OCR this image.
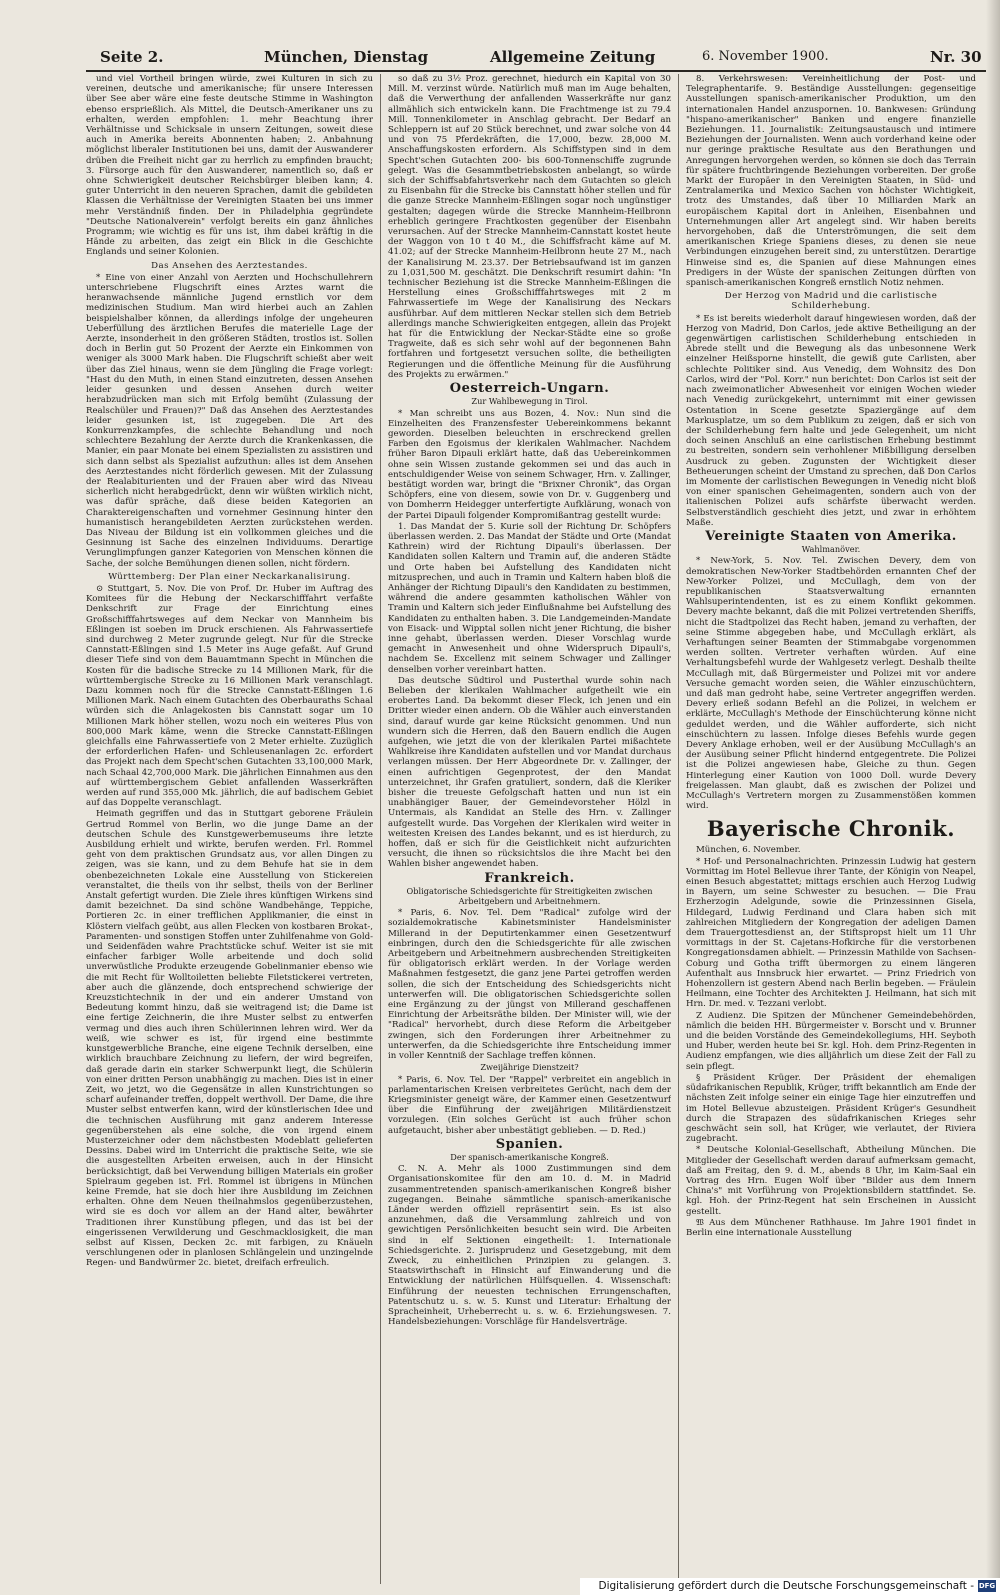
Seite 2.	München, Dienstag	Allgemeine Zeitung	6. November 1900.	Nr. 30

und viel Vortheil bringen würde, zwei Kulturen in sich zu vereinen, deutsche und amerikanische; für unsere Interessen über See aber wäre eine feste deutsche Stimme in Washington ebenso ersprießlich. Als Mittel, die Deutsch-Amerikaner uns zu erhalten, werden empfohlen: 1. mehr Beachtung ihrer Verhältnisse und Schicksale in unsern Zeitungen, soweit diese auch in Amerika bereits Abonnenten haben; 2. Anbahnung möglichst liberaler Institutionen bei uns, damit der Auswanderer drüben die Freiheit nicht gar zu herrlich zu empfinden braucht; 3. Fürsorge auch für den Auswanderer, namentlich so, daß er ohne Schwierigkeit deutscher Reichsbürger bleiben kann; 4. guter Unterricht in den neueren Sprachen, damit die gebildeten Klassen die Verhältnisse der Vereinigten Staaten bei uns immer mehr Verständniß finden. Der in Philadelphia gegründete "Deutsche Nationalverein" verfolgt bereits ein ganz ähnliches Programm; wie wichtig es für uns ist, ihm dabei kräftig in die Hände zu arbeiten, das zeigt ein Blick in die Geschichte Englands und seiner Kolonien.

Das Ansehen des Aerztestandes.

* Eine von einer Anzahl von Aerzten und Hochschullehrern unterschriebene Flugschrift eines Arztes warnt die heranwachsende männliche Jugend ernstlich vor dem medizinischen Studium. Man wird hierbei auch an Zahlen beispielshalber können, da allerdings infolge der ungeheuren Ueberfüllung des ärztlichen Berufes die materielle Lage der Aerzte, insonderheit in den größeren Städten, trostlos ist. Sollen doch in Berlin gut 50 Prozent der Aerzte ein Einkommen von weniger als 3000 Mark haben. Die Flugschrift schießt aber weit über das Ziel hinaus, wenn sie dem Jüngling die Frage vorlegt: "Hast du den Muth, in einen Stand einzutreten, dessen Ansehen leider gesunken und dessen Ansehen durch weiter herabzudrücken man sich mit Erfolg bemüht (Zulassung der Realschüler und Frauen)?" Daß das Ansehen des Aerztestandes leider gesunken ist, ist zugegeben. Die Art des Konkurrenzkampfes, die schlechte Behandlung und noch schlechtere Bezahlung der Aerzte durch die Krankenkassen, die Manier, ein paar Monate bei einem Spezialisten zu assistiren und sich dann selbst als Spezialist aufzuthun: alles ist dem Ansehen des Aerztestandes nicht förderlich gewesen. Mit der Zulassung der Realabiturienten und der Frauen aber wird das Niveau sicherlich nicht herabgedrückt, denn wir wüßten wirklich nicht, was dafür spräche, daß diese beiden Kategorien an Charaktereigenschaften und vornehmer Gesinnung hinter den humanistisch herangebildeten Aerzten zurückstehen werden. Das Niveau der Bildung ist ein vollkommen gleiches und die Gesinnung ist Sache des einzelnen Individuums. Derartige Verunglimpfungen ganzer Kategorien von Menschen können die Sache, der solche Bemühungen dienen sollen, nicht fördern.

Württemberg: Der Plan einer Neckarkanalisirung.

⊙ Stuttgart, 5. Nov. Die von Prof. Dr. Huber im Auftrag des Komitees für die Hebung der Neckarschifffahrt verfaßte Denkschrift zur Frage der Einrichtung eines Großschifffahrtsweges auf dem Neckar von Mannheim bis Eßlingen ist soeben im Druck erschienen. Als Fahrwassertiefe sind durchweg 2 Meter zugrunde gelegt. Nur für die Strecke Cannstatt-Eßlingen sind 1.5 Meter ins Auge gefaßt. Auf Grund dieser Tiefe sind von dem Bauamtmann Specht in München die Kosten für die badische Strecke zu 14 Millionen Mark, für die württembergische Strecke zu 16 Millionen Mark veranschlagt. Dazu kommen noch für die Strecke Cannstatt-Eßlingen 1.6 Millionen Mark. Nach einem Gutachten des Oberbauraths Schaal würden sich die Anlagekosten bis Cannstatt sogar um 10 Millionen Mark höher stellen, wozu noch ein weiteres Plus von 800,000 Mark käme, wenn die Strecke Cannstatt-Eßlingen gleichfalls eine Fahrwassertiefe von 2 Meter erhielte. Zuzüglich der erforderlichen Hafen- und Schleusenanlagen 2c. erfordert das Projekt nach dem Specht'schen Gutachten 33,100,000 Mark, nach Schaal 42,700,000 Mark. Die jährlichen Einnahmen aus den auf württembergischem Gebiet anfallenden Wasserkräften werden auf rund 355,000 Mk. jährlich, die auf badischem Gebiet auf das Doppelte veranschlagt.

Heimath gegriffen und das in Stuttgart geborene Fräulein Gertrud Rommel von Berlin, wo die junge Dame an der deutschen Schule des Kunstgewerbemuseums ihre letzte Ausbildung erhielt und wirkte, berufen werden. Frl. Rommel geht von dem praktischen Grundsatz aus, vor allen Dingen zu zeigen, was sie kann, und zu dem Behufe hat sie in dem obenbezeichneten Lokale eine Ausstellung von Stickereien veranstaltet, die theils von ihr selbst, theils von der Berliner Anstalt gefertigt wurden. Die Ziele ihres künftigen Wirkens sind damit bezeichnet. Da sind schöne Wandbehänge, Teppiche, Portieren 2c. in einer trefflichen Applikmanier, die einst in Klöstern vielfach geübt, aus allen Flecken von kostbaren Brokat-, Paramenten- und sonstigen Stoffen unter Zuhilfenahme von Gold- und Seidenfäden wahre Prachtstücke schuf. Weiter ist sie mit einfacher farbiger Wolle arbeitende und doch solid unverwüstliche Produkte erzeugende Gobelinmanier ebenso wie die mit Recht für Wolltoiletten beliebte Filetstickerei vertreten, aber auch die glänzende, doch entsprechend schwierige der Kreuzstichtechnik in der und ein anderer Umstand von Bedeutung kommt hinzu, daß sie weitragend ist; die Dame ist eine fertige Zeichnerin, die ihre Muster selbst zu entwerfen vermag und dies auch ihren Schülerinnen lehren wird. Wer da weiß, wie schwer es ist, für irgend eine bestimmte kunstgewerbliche Branche, eine eigene Technik derselben, eine wirklich brauchbare Zeichnung zu liefern, der wird begreifen, daß gerade darin ein starker Schwerpunkt liegt, die Schülerin von einer dritten Person unabhängig zu machen. Dies ist in einer Zeit, wo jetzt, wo die Gegensätze in allen Kunstrichtungen so scharf aufeinander treffen, doppelt werthvoll. Der Dame, die ihre Muster selbst entwerfen kann, wird der künstlerischen Idee und die technischen Ausführung mit ganz anderem Interesse gegenüberstehen als eine solche, die von irgend einem Musterzeichner oder dem nächstbesten Modeblatt gelieferten Dessins. Dabei wird im Unterricht die praktische Seite, wie sie die ausgestellten Arbeiten erweisen, auch in der Hinsicht berücksichtigt, daß bei Verwendung billigen Materials ein großer Spielraum gegeben ist. Frl. Rommel ist übrigens in München keine Fremde, hat sie doch hier ihre Ausbildung im Zeichnen erhalten. Ohne dem Neuen theilnahmslos gegenüberzustehen, wird sie es doch vor allem an der Hand alter, bewährter Traditionen ihrer Kunstübung pflegen, und das ist bei der eingerissenen Verwilderung und Geschmacklosigkeit, die man selbst auf Kissen, Decken 2c. mit farbigen, zu Knäueln verschlungenen oder in planlosen Schlängelein und unzingelnde Regen- und Bandwürmer 2c. bietet, dreifach erfreulich.

so daß zu 3½ Proz. gerechnet, hiedurch ein Kapital von 30 Mill. M. verzinst würde. Natürlich muß man im Auge behalten, daß die Verwerthung der anfallenden Wasserkräfte nur ganz allmählich sich entwickeln kann. Die Frachtmenge ist zu 79.4 Mill. Tonnenkilometer in Anschlag gebracht. Der Bedarf an Schleppern ist auf 20 Stück berechnet, und zwar solche von 44 und von 75 Pferdekräften, die 17,000, bezw. 28,000 M. Anschaffungskosten erfordern. Als Schiffstypen sind in dem Specht'schen Gutachten 200- bis 600-Tonnenschiffe zugrunde gelegt. Was die Gesammtbetriebskosten anbelangt, so würde sich der Schiffsabfahrtsverkehr nach dem Gutachten so gleich zu Eisenbahn für die Strecke bis Cannstatt höher stellen und für die ganze Strecke Mannheim-Eßlingen sogar noch ungünstiger gestalten; dagegen würde die Strecke Mannheim-Heilbronn erheblich geringere Frachtkosten gegenüber der Eisenbahn verursachen. Auf der Strecke Mannheim-Cannstatt kostet heute der Waggon von 10 t 40 M., die Schiffsfracht käme auf M. 41.02; auf der Strecke Mannheim-Heilbronn heute 27 M., nach der Kanalisirung M. 23.37. Der Betriebsaufwand ist im ganzen zu 1,031,500 M. geschätzt. Die Denkschrift resumirt dahin: "In technischer Beziehung ist die Strecke Mannheim-Eßlingen die Herstellung eines Großschifffahrtsweges mit 2 m Fahrwassertiefe im Wege der Kanalisirung des Neckars ausführbar. Auf dem mittleren Neckar stellen sich dem Betrieb allerdings manche Schwierigkeiten entgegen, allein das Projekt hat für die Entwicklung der Neckar-Städte eine so große Tragweite, daß es sich sehr wohl auf der begonnenen Bahn fortfahren und fortgesetzt versuchen sollte, die betheiligten Regierungen und die öffentliche Meinung für die Ausführung des Projekts zu erwärmen."

Oesterreich-Ungarn.

Zur Wahlbewegung in Tirol.

* Man schreibt uns aus Bozen, 4. Nov.: Nun sind die Einzelheiten des Franzensfester Uebereinkommens bekannt geworden. Dieselben beleuchten in erschreckend grellen Farben den Egoismus der klerikalen Wahlmacher. Nachdem früher Baron Dipauli erklärt hatte, daß das Uebereinkommen ohne sein Wissen zustande gekommen sei und das auch in entschuldigender Weise von seinem Schwager, Hrn. v. Zallinger, bestätigt worden war, bringt die "Brixner Chronik", das Organ Schöpfers, eine von diesem, sowie von Dr. v. Guggenberg und von Domherrn Heidegger unterfertigte Aufklärung, wonach von der Partei Dipauli folgender Kompromißantrag gestellt wurde:

1. Das Mandat der 5. Kurie soll der Richtung Dr. Schöpfers überlassen werden. 2. Das Mandat der Städte und Orte (Mandat Kathrein) wird der Richtung Dipauli's überlassen. Der Kandidaten sollen Kaltern und Tramin auf, die anderen Städte und Orte haben bei Aufstellung des Kandidaten nicht mitzusprechen, und auch in Tramin und Kaltern haben bloß die Anhänger der Richtung Dipauli's den Kandidaten zu bestimmen, während die andere gesammten katholischen Wähler von Tramin und Kaltern sich jeder Einflußnahme bei Aufstellung des Kandidaten zu enthalten haben. 3. Die Landgemeinden-Mandate von Eisack- und Wipptal sollen nicht jener Richtung, die bisher inne gehabt, überlassen werden. Dieser Vorschlag wurde gemacht in Anwesenheit und ohne Widerspruch Dipauli's, nachdem Se. Excellenz mit seinem Schwager und Zallinger denselben vorher vereinbart hatten.

Das deutsche Südtirol und Pusterthal wurde sohin nach Belieben der klerikalen Wahlmacher aufgetheilt wie ein erobertes Land. Da bekommt dieser Fleck, ich jenen und ein Dritter wieder einen andern. Ob die Wähler auch einverstanden sind, darauf wurde gar keine Rücksicht genommen. Und nun wundern sich die Herren, daß den Bauern endlich die Augen aufgehen, wie jetzt die von der klerikalen Partei mißachtete Wahlkreise ihre Kandidaten aufstellen und vor Mandat durchaus verlangen müssen. Der Herr Abgeordnete Dr. v. Zallinger, der einen aufrichtigen Gegenprotest, der den Mandat unterzeichnet, ihr Grafen gratuliert, sondern, daß die Kleriker bisher die treueste Gefolgschaft hatten und nun ist ein unabhängiger Bauer, der Gemeindevorsteher Hölzl in Untermais, als Kandidat an Stelle des Hrn. v. Zallinger aufgestellt wurde. Das Vorgehen der Klerikalen wird weiter in weitesten Kreisen des Landes bekannt, und es ist hierdurch, zu hoffen, daß er sich für die Geistlichkeit nicht aufzurichten versucht, die ihnen so rücksichtslos die ihre Macht bei den Wahlen bisher angewendet haben.

Frankreich.

Obligatorische Schiedsgerichte für Streitigkeiten zwischen Arbeitgebern und Arbeitnehmern.

* Paris, 6. Nov. Tel. Dem "Radical" zufolge wird der sozialdemokratische Kabinetsminister Handelsminister Millerand in der Deputirtenkammer einen Gesetzentwurf einbringen, durch den die Schiedsgerichte für alle zwischen Arbeitgebern und Arbeitnehmern ausbrechenden Streitigkeiten für obligatorisch erklärt werden. In der Vorlage werden Maßnahmen festgesetzt, die ganz jene Partei getroffen werden sollen, die sich der Entscheidung des Schiedsgerichts nicht unterwerfen will. Die obligatorischen Schiedsgerichte sollen eine Ergänzung zu der jüngst von Millerand geschaffenen Einrichtung der Arbeitsräthe bilden. Der Minister will, wie der "Radical" hervorhebt, durch diese Reform die Arbeitgeber zwingen, sich den Forderungen ihrer Arbeitnehmer zu unterwerfen, da die Schiedsgerichte ihre Entscheidung immer in voller Kenntniß der Sachlage treffen können.

Zweijährige Dienstzeit?

* Paris, 6. Nov. Tel. Der "Rappel" verbreitet ein angeblich in parlamentarischen Kreisen verbreitetes Gerücht, nach dem der Kriegsminister geneigt wäre, der Kammer einen Gesetzentwurf über die Einführung der zweijährigen Militärdienstzeit vorzulegen. (Ein solches Gerücht ist auch früher schon aufgetaucht, bisher aber unbestätigt geblieben. — D. Red.)

Spanien.

Der spanisch-amerikanische Kongreß.

C. N. A. Mehr als 1000 Zustimmungen sind dem Organisationskomitee für den am 10. d. M. in Madrid zusammentretenden spanisch-amerikanischen Kongreß bisher zugegangen. Beinahe sämmtliche spanisch-amerikanische Länder werden offiziell repräsentirt sein. Es ist also anzunehmen, daß die Versammlung zahlreich und von gewichtigen Persönlichkeiten besucht sein wird. Die Arbeiten sind in elf Sektionen eingetheilt: 1. Internationale Schiedsgerichte. 2. Jurisprudenz und Gesetzgebung, mit dem Zweck, zu einheitlichen Prinzipien zu gelangen. 3. Staatswirthschaft in Hinsicht auf Einwanderung und die Entwicklung der natürlichen Hülfsquellen. 4. Wissenschaft: Einführung der neuesten technischen Errungenschaften, Patentschutz u. s. w. 5. Kunst und Literatur: Erhaltung der Spracheinheit, Urheberrecht u. s. w. 6. Erziehungswesen. 7. Handelsbeziehungen: Vorschläge für Handelsverträge.

8. Verkehrswesen: Vereinheitlichung der Post- und Telegraphentarife. 9. Beständige Ausstellungen: gegenseitige Ausstellungen spanisch-amerikanischer Produktion, um den internationalen Handel anzuspornen. 10. Bankwesen: Gründung "hispano-amerikanischer" Banken und engere finanzielle Beziehungen. 11. Journalistik: Zeitungsaustausch und intimere Beziehungen der Journalisten. Wenn auch vorderhand keine oder nur geringe praktische Resultate aus den Berathungen und Anregungen hervorgehen werden, so können sie doch das Terrain für spätere fruchtbringende Beziehungen vorbereiten. Der große Markt der Europäer in den Vereinigten Staaten, in Süd- und Zentralamerika und Mexico Sachen von höchster Wichtigkeit, trotz des Umstandes, daß über 10 Milliarden Mark an europäischem Kapital dort in Anleihen, Eisenbahnen und Unternehmungen aller Art angelegt sind. Wir haben bereits hervorgehoben, daß die Unterströmungen, die seit dem amerikanischen Kriege Spaniens dieses, zu denen sie neue Verbindungen einzugehen bereit sind, zu unterstützen. Derartige Hinweise sind es, die Spanien auf diese Mahnungen eines Predigers in der Wüste der spanischen Zeitungen dürften von spanisch-amerikanischen Kongreß ernstlich Notiz nehmen.

Der Herzog von Madrid und die carlistische Schilderhebung.

* Es ist bereits wiederholt darauf hingewiesen worden, daß der Herzog von Madrid, Don Carlos, jede aktive Betheiligung an der gegenwärtigen carlistischen Schilderhebung entschieden in Abrede stellt und die Bewegung als das unbesonnene Werk einzelner Heißsporne hinstellt, die gewiß gute Carlisten, aber schlechte Politiker sind. Aus Venedig, dem Wohnsitz des Don Carlos, wird der "Pol. Korr." nun berichtet: Don Carlos ist seit der nach zweimonatlicher Abwesenheit vor einigen Wochen wieder nach Venedig zurückgekehrt, unternimmt mit einer gewissen Ostentation in Scene gesetzte Spaziergänge auf dem Markusplatze, um so dem Publikum zu zeigen, daß er sich von der Schilderhebung fern halte und jede Gelegenheit, um nicht doch seinen Anschluß an eine carlistischen Erhebung bestimmt zu bestreiten, sondern sein verhohlener Mißbilligung derselben Ausdruck zu geben. Zugunsten der Wichtigkeit dieser Betheuerungen scheint der Umstand zu sprechen, daß Don Carlos im Momente der carlistischen Bewegungen in Venedig nicht bloß von einer spanischen Geheimagenten, sondern auch von der italienischen Polizei aufs schärfste überwacht werden. Selbstverständlich geschieht dies jetzt, und zwar in erhöhtem Maße.

Vereinigte Staaten von Amerika.

Wahlmanöver.

* New-York, 5. Nov. Tel. Zwischen Devery, dem von demokratischen New-Yorker Stadtbehörden ernannten Chef der New-Yorker Polizei, und McCullagh, dem von der republikanischen Staatsverwaltung ernannten Wahlsuperintendenten, ist es zu einem Konflikt gekommen. Devery machte bekannt, daß die mit Polizei vertretenden Sheriffs, nicht die Stadtpolizei das Recht haben, jemand zu verhaften, der seine Stimme abgegeben habe, und McCullagh erklärt, als Verhaftungen seiner Beamten der Stimmabgabe vorgenommen werden sollten. Vertreter verhaften würden. Auf eine Verhaltungsbefehl wurde der Wahlgesetz verlegt. Deshalb theilte McCullagh mit, daß Bürgermeister und Polizei mit vor andere Versuche gemacht worden seien, die Wähler einzuschüchtern, und daß man gedroht habe, seine Vertreter angegriffen werden. Devery erließ sodann Befehl an die Polizei, in welchem er erklärte, McCullagh's Methode der Einschüchterung könne nicht geduldet werden, und die Wähler aufforderte, sich nicht einschüchtern zu lassen. Infolge dieses Befehls wurde gegen Devery Anklage erhoben, weil er der Ausübung McCullagh's an der Ausübung seiner Pflicht hindernd entgegentrete. Die Polizei ist die Polizei angewiesen habe, Gleiche zu thun. Gegen Hinterlegung einer Kaution von 1000 Doll. wurde Devery freigelassen. Man glaubt, daß es zwischen der Polizei und McCullagh's Vertretern morgen zu Zusammenstößen kommen wird.

Bayerische Chronik.

München, 6. November.

* Hof- und Personalnachrichten. Prinzessin Ludwig hat gestern Vormittag im Hotel Bellevue ihrer Tante, der Königin von Neapel, einen Besuch abgestattet; mittags erschien auch Herzog Ludwig in Bayern, um seine Schwester zu besuchen. — Die Frau Erzherzogin Adelgunde, sowie die Prinzessinnen Gisela, Hildegard, Ludwig Ferdinand und Clara haben sich mit zahlreichen Mitgliedern der Kongregation der adeligen Damen dem Trauergottesdienst an, der Stiftspropst hielt um 11 Uhr vormittags in der St. Cajetans-Hofkirche für die verstorbenen Kongregationsdamen abhielt. — Prinzessin Mathilde von Sachsen-Coburg und Gotha trifft übermorgen zu einem längeren Aufenthalt aus Innsbruck hier erwartet. — Prinz Friedrich von Hohenzollern ist gestern Abend nach Berlin begeben. — Fräulein Heilmann, eine Tochter des Architekten J. Heilmann, hat sich mit Hrn. Dr. med. v. Tezzani verlobt.

Z Audienz. Die Spitzen der Münchener Gemeindebehörden, nämlich die beiden HH. Bürgermeister v. Borscht und v. Brunner und die beiden Vorstände des Gemeindekollegiums, HH. Seyboth und Huber, werden heute bei Sr. kgl. Hoh. dem Prinz-Regenten in Audienz empfangen, wie dies alljährlich um diese Zeit der Fall zu sein pflegt.

§ Präsident Krüger. Der Präsident der ehemaligen südafrikanischen Republik, Krüger, trifft bekanntlich am Ende der nächsten Zeit infolge seiner ein einige Tage hier einzutreffen und im Hotel Bellevue abzusteigen. Präsident Krüger's Gesundheit durch die Strapazen des südafrikanischen Krieges sehr geschwächt sein soll, hat Krüger, wie verlautet, der Riviera zugebracht.

* Deutsche Kolonial-Gesellschaft, Abtheilung München. Die Mitglieder der Gesellschaft werden darauf aufmerksam gemacht, daß am Freitag, den 9. d. M., abends 8 Uhr, im Kaim-Saal ein Vortrag des Hrn. Eugen Wolf über "Bilder aus dem Innern China's" mit Vorführung von Projektionsbildern stattfindet. Se. kgl. Hoh. der Prinz-Regent hat sein Erscheinen in Aussicht gestellt.

𝔚 Aus dem Münchener Rathhause. Im Jahre 1901 findet in Berlin eine internationale Ausstellung

Digitalisierung gefördert durch die Deutsche Forschungsgemeinschaft - DFG
